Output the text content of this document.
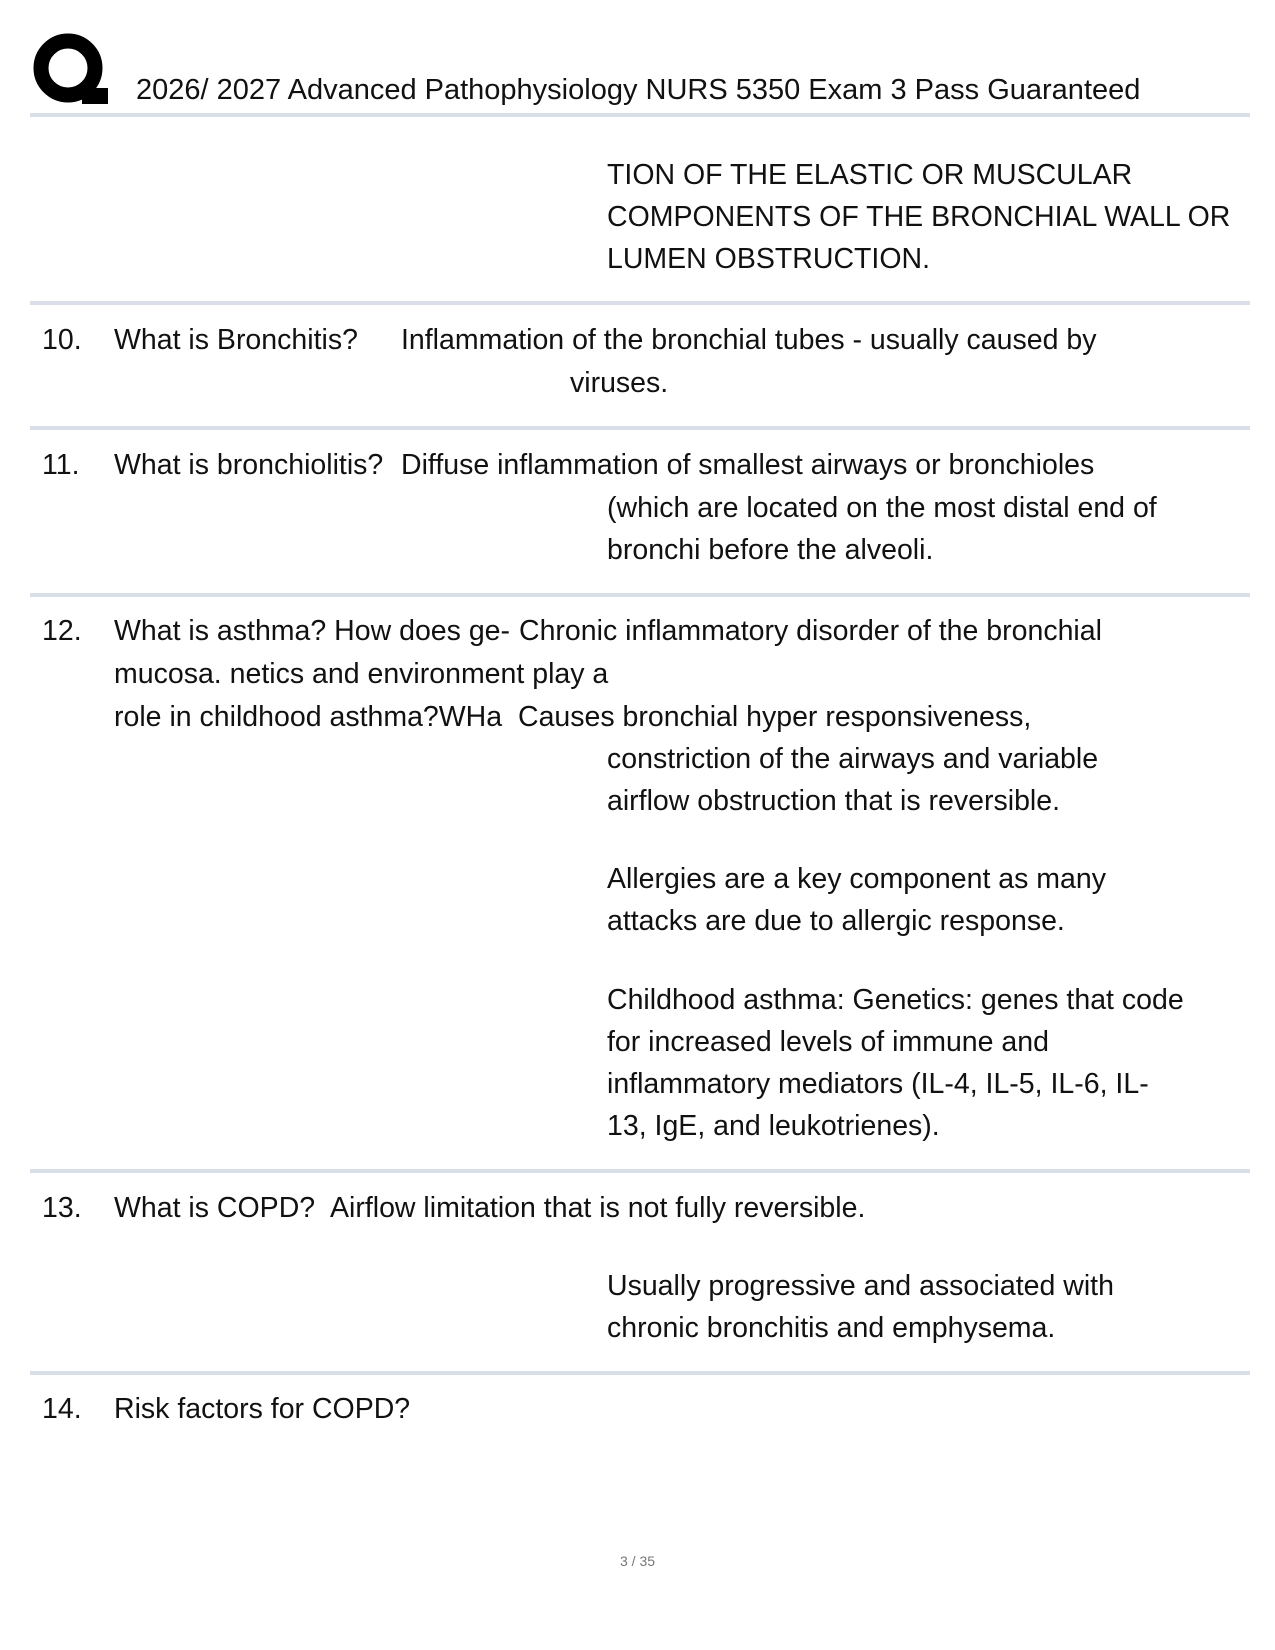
2026/ 2027 Advanced Pathophysiology NURS 5350 Exam 3 Pass Guaranteed
TION OF THE ELASTIC OR MUSCULAR
COMPONENTS OF THE BRONCHIAL WALL OR
LUMEN OBSTRUCTION.
10. What is Bronchitis? Inflammation of the bronchial tubes - usually caused by
viruses.
11. What is bronchiolitis? Diffuse inflammation of smallest airways or bronchioles
(which are located on the most distal end of
bronchi before the alveoli.
12. What is asthma? How does ge- Chronic inflammatory disorder of the bronchial
mucosa. netics and environment play a
role in childhood asthma?WHa Causes bronchial hyper responsiveness,
constriction of the airways and variable
airflow obstruction that is reversible.
Allergies are a key component as many
attacks are due to allergic response.
Childhood asthma: Genetics: genes that code
for increased levels of immune and
inflammatory mediators (IL-4, IL-5, IL-6, IL-
13, IgE, and leukotrienes).
13. What is COPD? Airflow limitation that is not fully reversible.
Usually progressive and associated with
chronic bronchitis and emphysema.
14. Risk factors for COPD?
3 / 35
